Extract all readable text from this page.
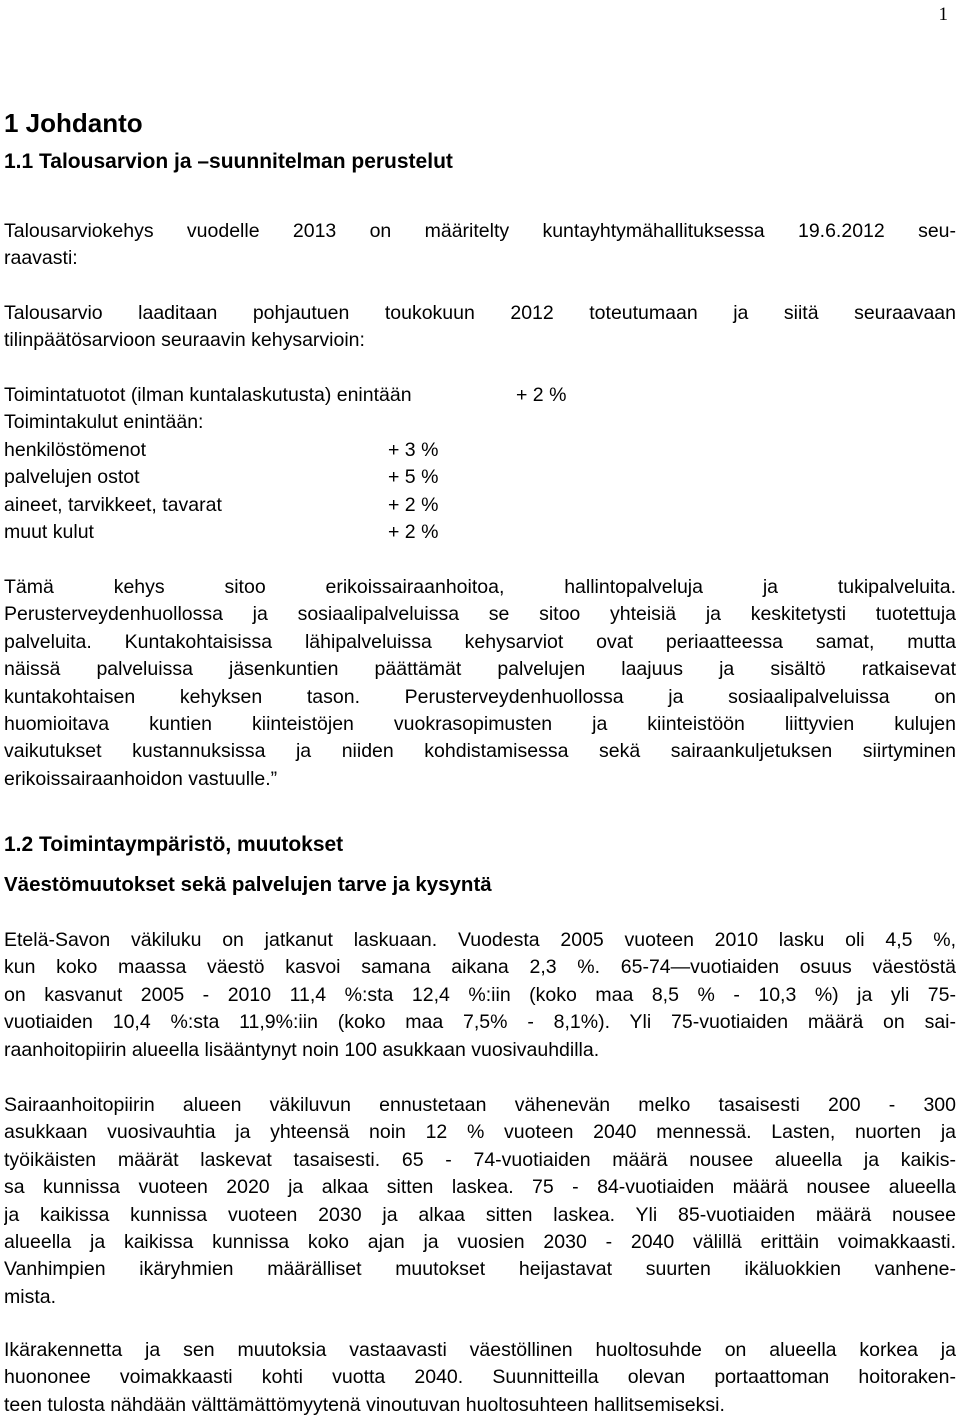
1
1 Johdanto
1.1 Talousarvion ja –suunnitelman perustelut
Talousarviokehys vuodelle 2013 on määritelty kuntayhtymähallituksessa 19.6.2012 seu-
raavasti:
Talousarvio laaditaan pohjautuen toukokuun 2012 toteutumaan ja siitä seuraavaan
tilinpäätösarvioon seuraavin kehysarvioin:
Toimintatuotot (ilman kuntalaskutusta) enintään	+ 2 %
Toimintakulut enintään:
henkilöstömenot	+ 3 %
palvelujen ostot	+ 5 %
aineet, tarvikkeet, tavarat	+ 2 %
muut kulut	+ 2 %
Tämä kehys sitoo erikoissairaanhoitoa, hallintopalveluja ja tukipalveluita.
Perusterveydenhuollossa ja sosiaalipalveluissa se sitoo yhteisiä ja keskitetysti tuotettuja
palveluita. Kuntakohtaisissa lähipalveluissa kehysarviot ovat periaatteessa samat, mutta
näissä palveluissa jäsenkuntien päättämät palvelujen laajuus ja sisältö ratkaisevat
kuntakohtaisen kehyksen tason. Perusterveydenhuollossa ja sosiaalipalveluissa on
huomioitava kuntien kiinteistöjen vuokrasopimusten ja kiinteistöön liittyvien kulujen
vaikutukset kustannuksissa ja niiden kohdistamisessa sekä sairaankuljetuksen siirtyminen
erikoissairaanhoidon vastuulle.”
1.2 Toimintaympäristö, muutokset
Väestömuutokset sekä palvelujen tarve ja kysyntä
Etelä-Savon väkiluku on jatkanut laskuaan. Vuodesta 2005 vuoteen 2010 lasku oli 4,5 %,
kun koko maassa väestö kasvoi samana aikana 2,3 %. 65-74—vuotiaiden osuus väestöstä
on kasvanut 2005 - 2010 11,4 %:sta 12,4 %:iin (koko maa 8,5 % - 10,3 %) ja yli 75-
vuotiaiden 10,4 %:sta 11,9%:iin (koko maa 7,5% - 8,1%). Yli 75-vuotiaiden määrä on sai-
raanhoitopiirin alueella lisääntynyt noin 100 asukkaan vuosivauhdilla.
Sairaanhoitopiirin alueen väkiluvun ennustetaan vähenevän melko tasaisesti 200 - 300
asukkaan vuosivauhtia ja yhteensä noin 12 % vuoteen 2040 mennessä. Lasten, nuorten ja
työikäisten määrät laskevat tasaisesti. 65 - 74-vuotiaiden määrä nousee alueella ja kaikis-
sa kunnissa vuoteen 2020 ja alkaa sitten laskea. 75 - 84-vuotiaiden määrä nousee alueella
ja kaikissa kunnissa vuoteen 2030 ja alkaa sitten laskea. Yli 85-vuotiaiden määrä nousee
alueella ja kaikissa kunnissa koko ajan ja vuosien 2030 - 2040 välillä erittäin voimakkaasti.
Vanhimpien ikäryhmien määrälliset muutokset heijastavat suurten ikäluokkien vanhene-
mista.
Ikärakennetta ja sen muutoksia vastaavasti väestöllinen huoltosuhde on alueella korkea ja
huononee voimakkaasti kohti vuotta 2040. Suunnitteilla olevan portaattoman hoitoraken-
teen tulosta nähdään välttämättömyytenä vinoutuvan huoltosuhteen hallitsemiseksi.
